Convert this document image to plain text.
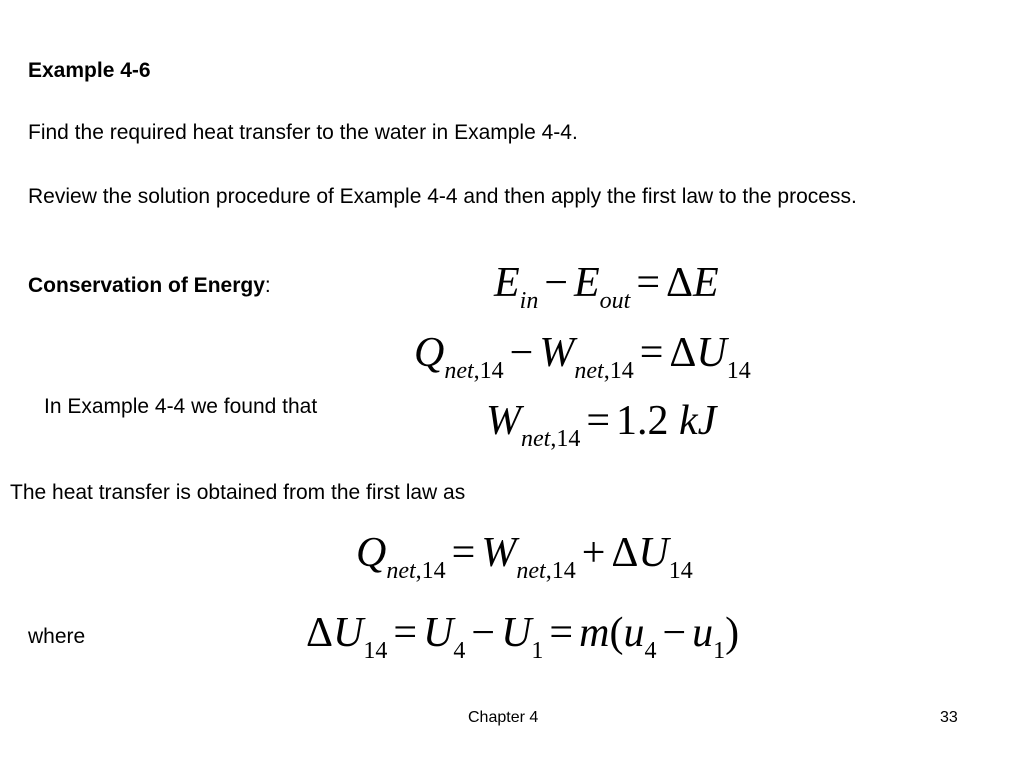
Example 4-6
Find the required heat transfer to the water in Example 4-4.
Review the solution procedure of Example 4-4 and then apply the first law to the process.
Conservation of Energy:	$E_{in} - E_{out} = \Delta E$
$Q_{net,14} - W_{net,14} = \Delta U_{14}$
In Example 4-4 we found that	$W_{net,14} = 1.2$ kJ
The heat transfer is obtained from the first law as
$Q_{net,14} = W_{net,14} + \Delta U_{14}$
where	$\Delta U_{14} = U_4 - U_1 = m(u_4 - u_1)$
Chapter 4	33
